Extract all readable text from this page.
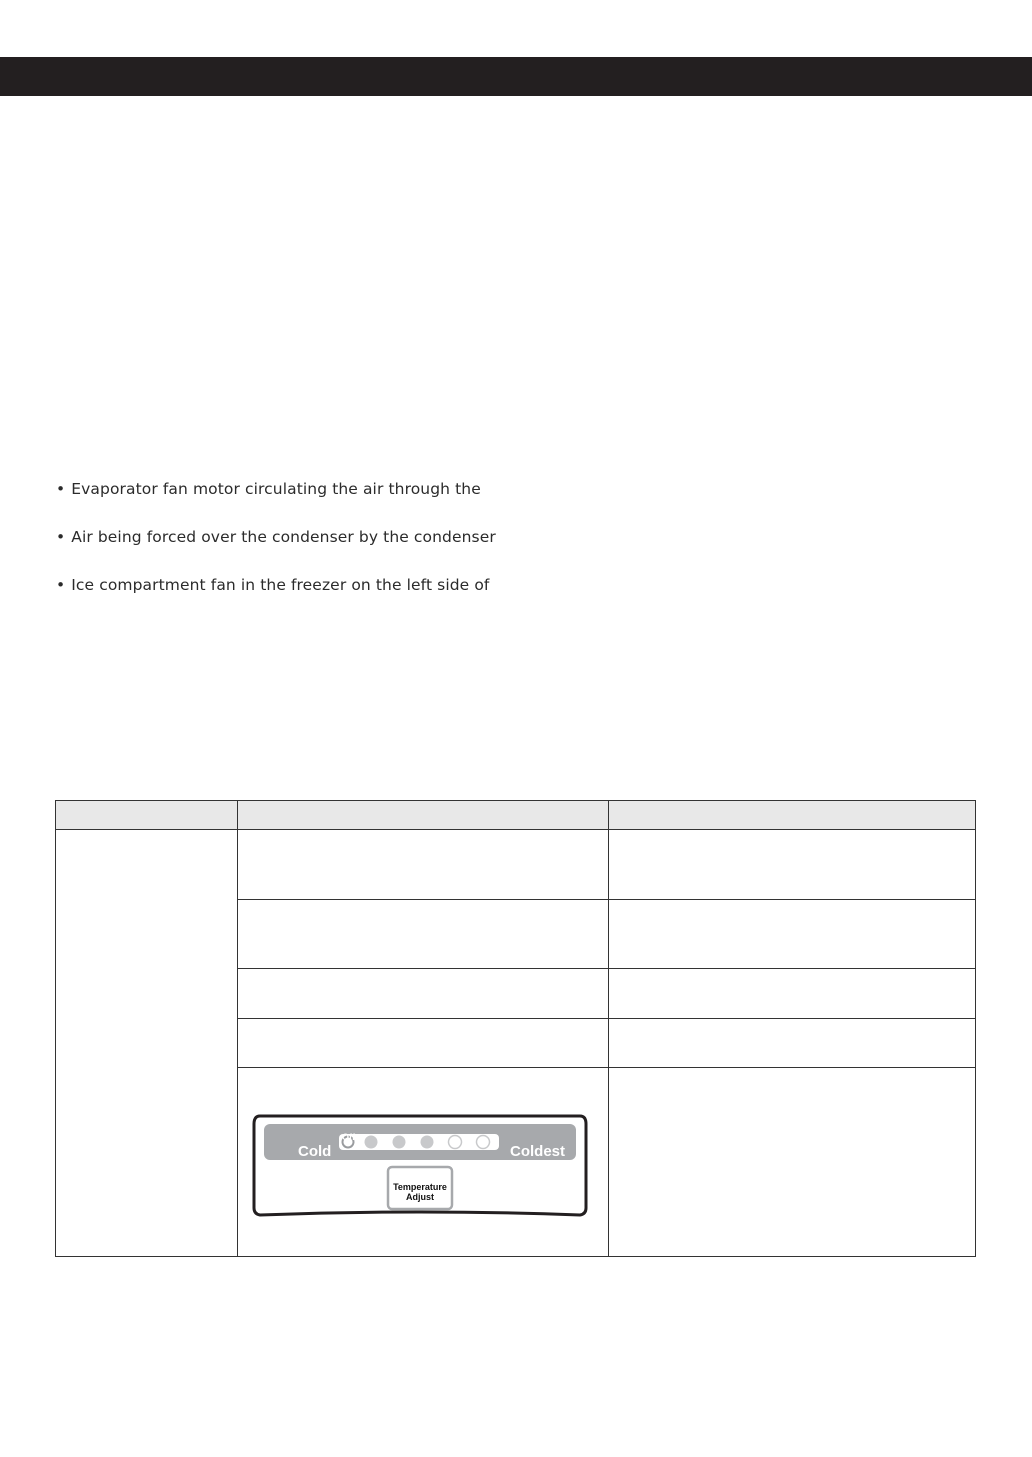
• Evaporator fan motor circulating the air through the
• Air being forced over the condenser by the condenser
• Ice compartment fan in the freezer on the left side of

	Cold Coldest
Off
Temperature
Adjust	
